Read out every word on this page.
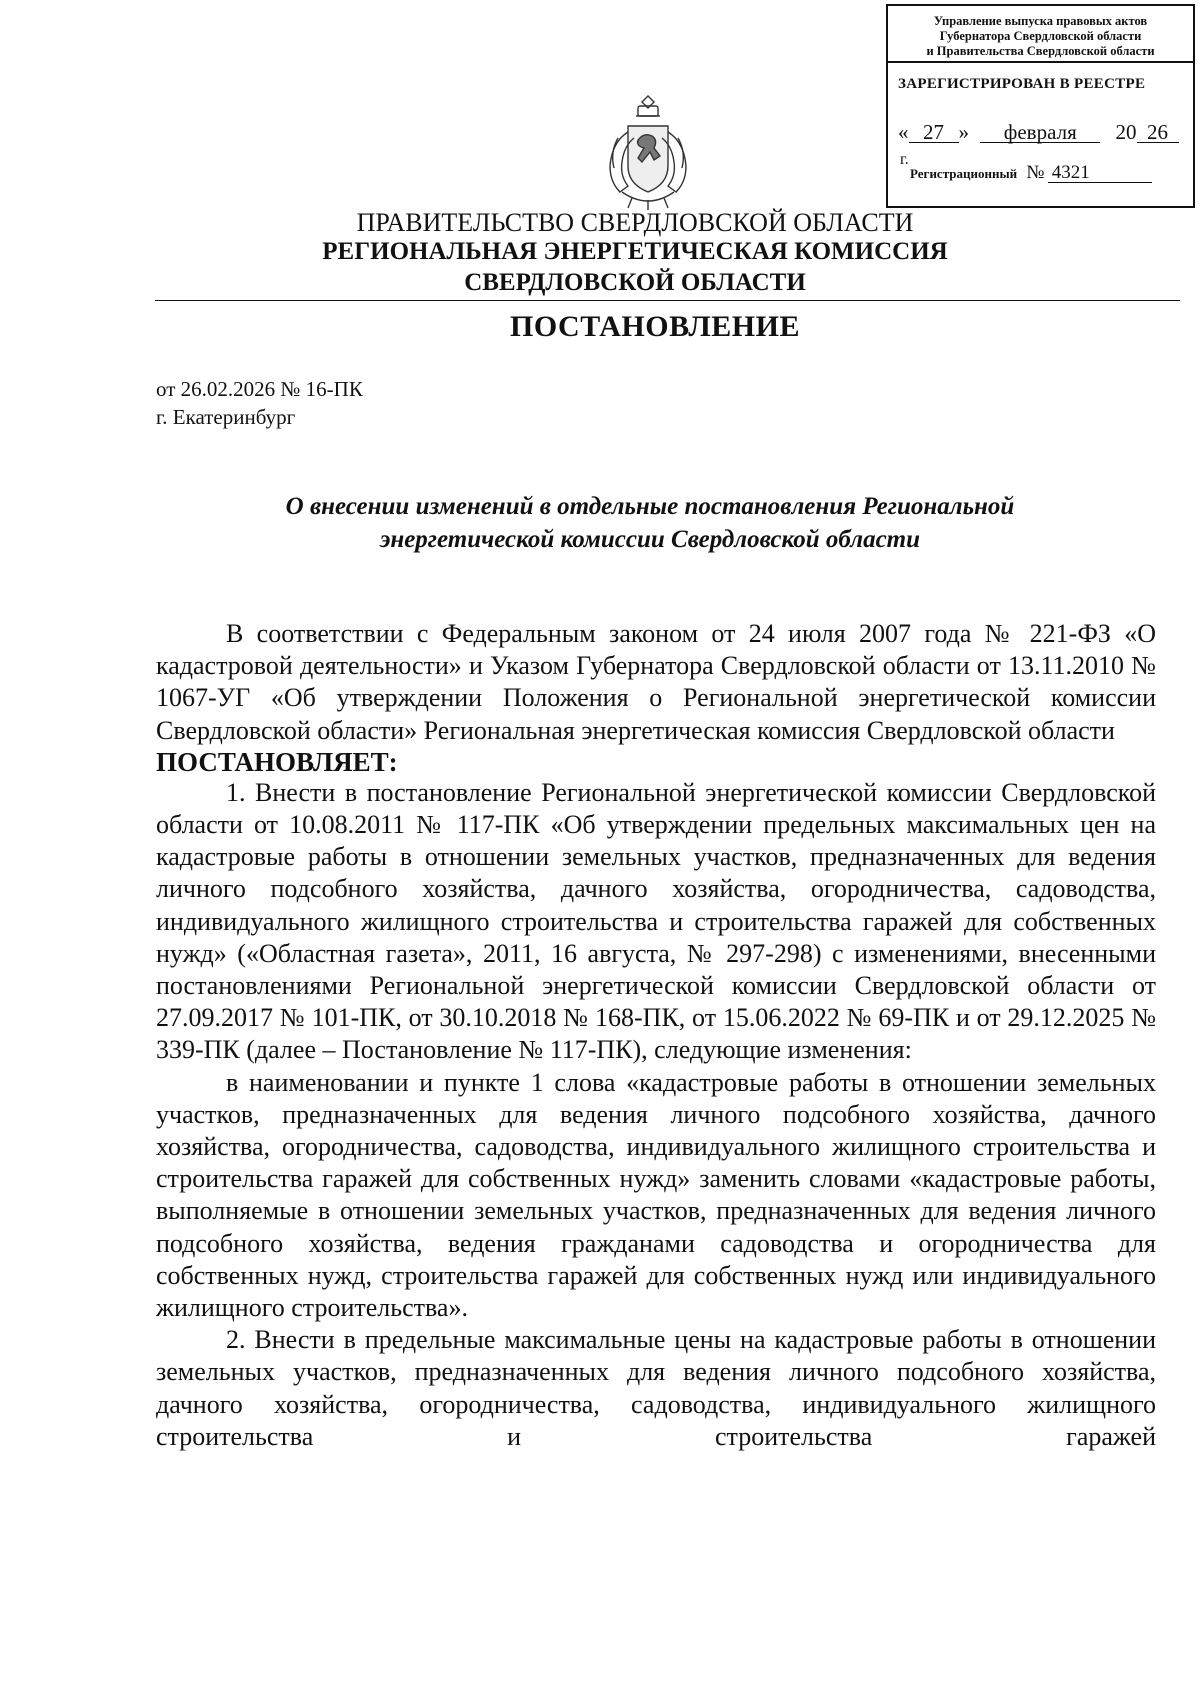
Управление выпуска правовых актов
Губернатора Свердловской области
и Правительства Свердловской области
ЗАРЕГИСТРИРОВАН В РЕЕСТРЕ
« 27 » февраля 20 26 г.
Регистрационный № 4321
ПРАВИТЕЛЬСТВО СВЕРДЛОВСКОЙ ОБЛАСТИ
РЕГИОНАЛЬНАЯ ЭНЕРГЕТИЧЕСКАЯ КОМИССИЯ
СВЕРДЛОВСКОЙ ОБЛАСТИ
ПОСТАНОВЛЕНИЕ
от 26.02.2026 № 16-ПК
г. Екатеринбург
О внесении изменений в отдельные постановления Региональной
энергетической комиссии Свердловской области

В соответствии с Федеральным законом от 24 июля 2007 года № 221-ФЗ «О кадастровой деятельности» и Указом Губернатора Свердловской области от 13.11.2010 № 1067-УГ «Об утверждении Положения о Региональной энергетической комиссии Свердловской области» Региональная энергетическая комиссия Свердловской области

ПОСТАНОВЛЯЕТ:

1. Внести в постановление Региональной энергетической комиссии Свердловской области от 10.08.2011 № 117-ПК «Об утверждении предельных максимальных цен на кадастровые работы в отношении земельных участков, предназначенных для ведения личного подсобного хозяйства, дачного хозяйства, огородничества, садоводства, индивидуального жилищного строительства и строительства гаражей для собственных нужд» («Областная газета», 2011, 16 августа, № 297-298) с изменениями, внесенными постановлениями Региональной энергетической комиссии Свердловской области от 27.09.2017 № 101-ПК, от 30.10.2018 № 168-ПК, от 15.06.2022 № 69-ПК и от 29.12.2025 № 339-ПК (далее – Постановление № 117-ПК), следующие изменения:

в наименовании и пункте 1 слова «кадастровые работы в отношении земельных участков, предназначенных для ведения личного подсобного хозяйства, дачного хозяйства, огородничества, садоводства, индивидуального жилищного строительства и строительства гаражей для собственных нужд» заменить словами «кадастровые работы, выполняемые в отношении земельных участков, предназначенных для ведения личного подсобного хозяйства, ведения гражданами садоводства и огородничества для собственных нужд, строительства гаражей для собственных нужд или индивидуального жилищного строительства».

2. Внести в предельные максимальные цены на кадастровые работы в отношении земельных участков, предназначенных для ведения личного подсобного хозяйства, дачного хозяйства, огородничества, садоводства, индивидуального жилищного строительства и строительства гаражей
